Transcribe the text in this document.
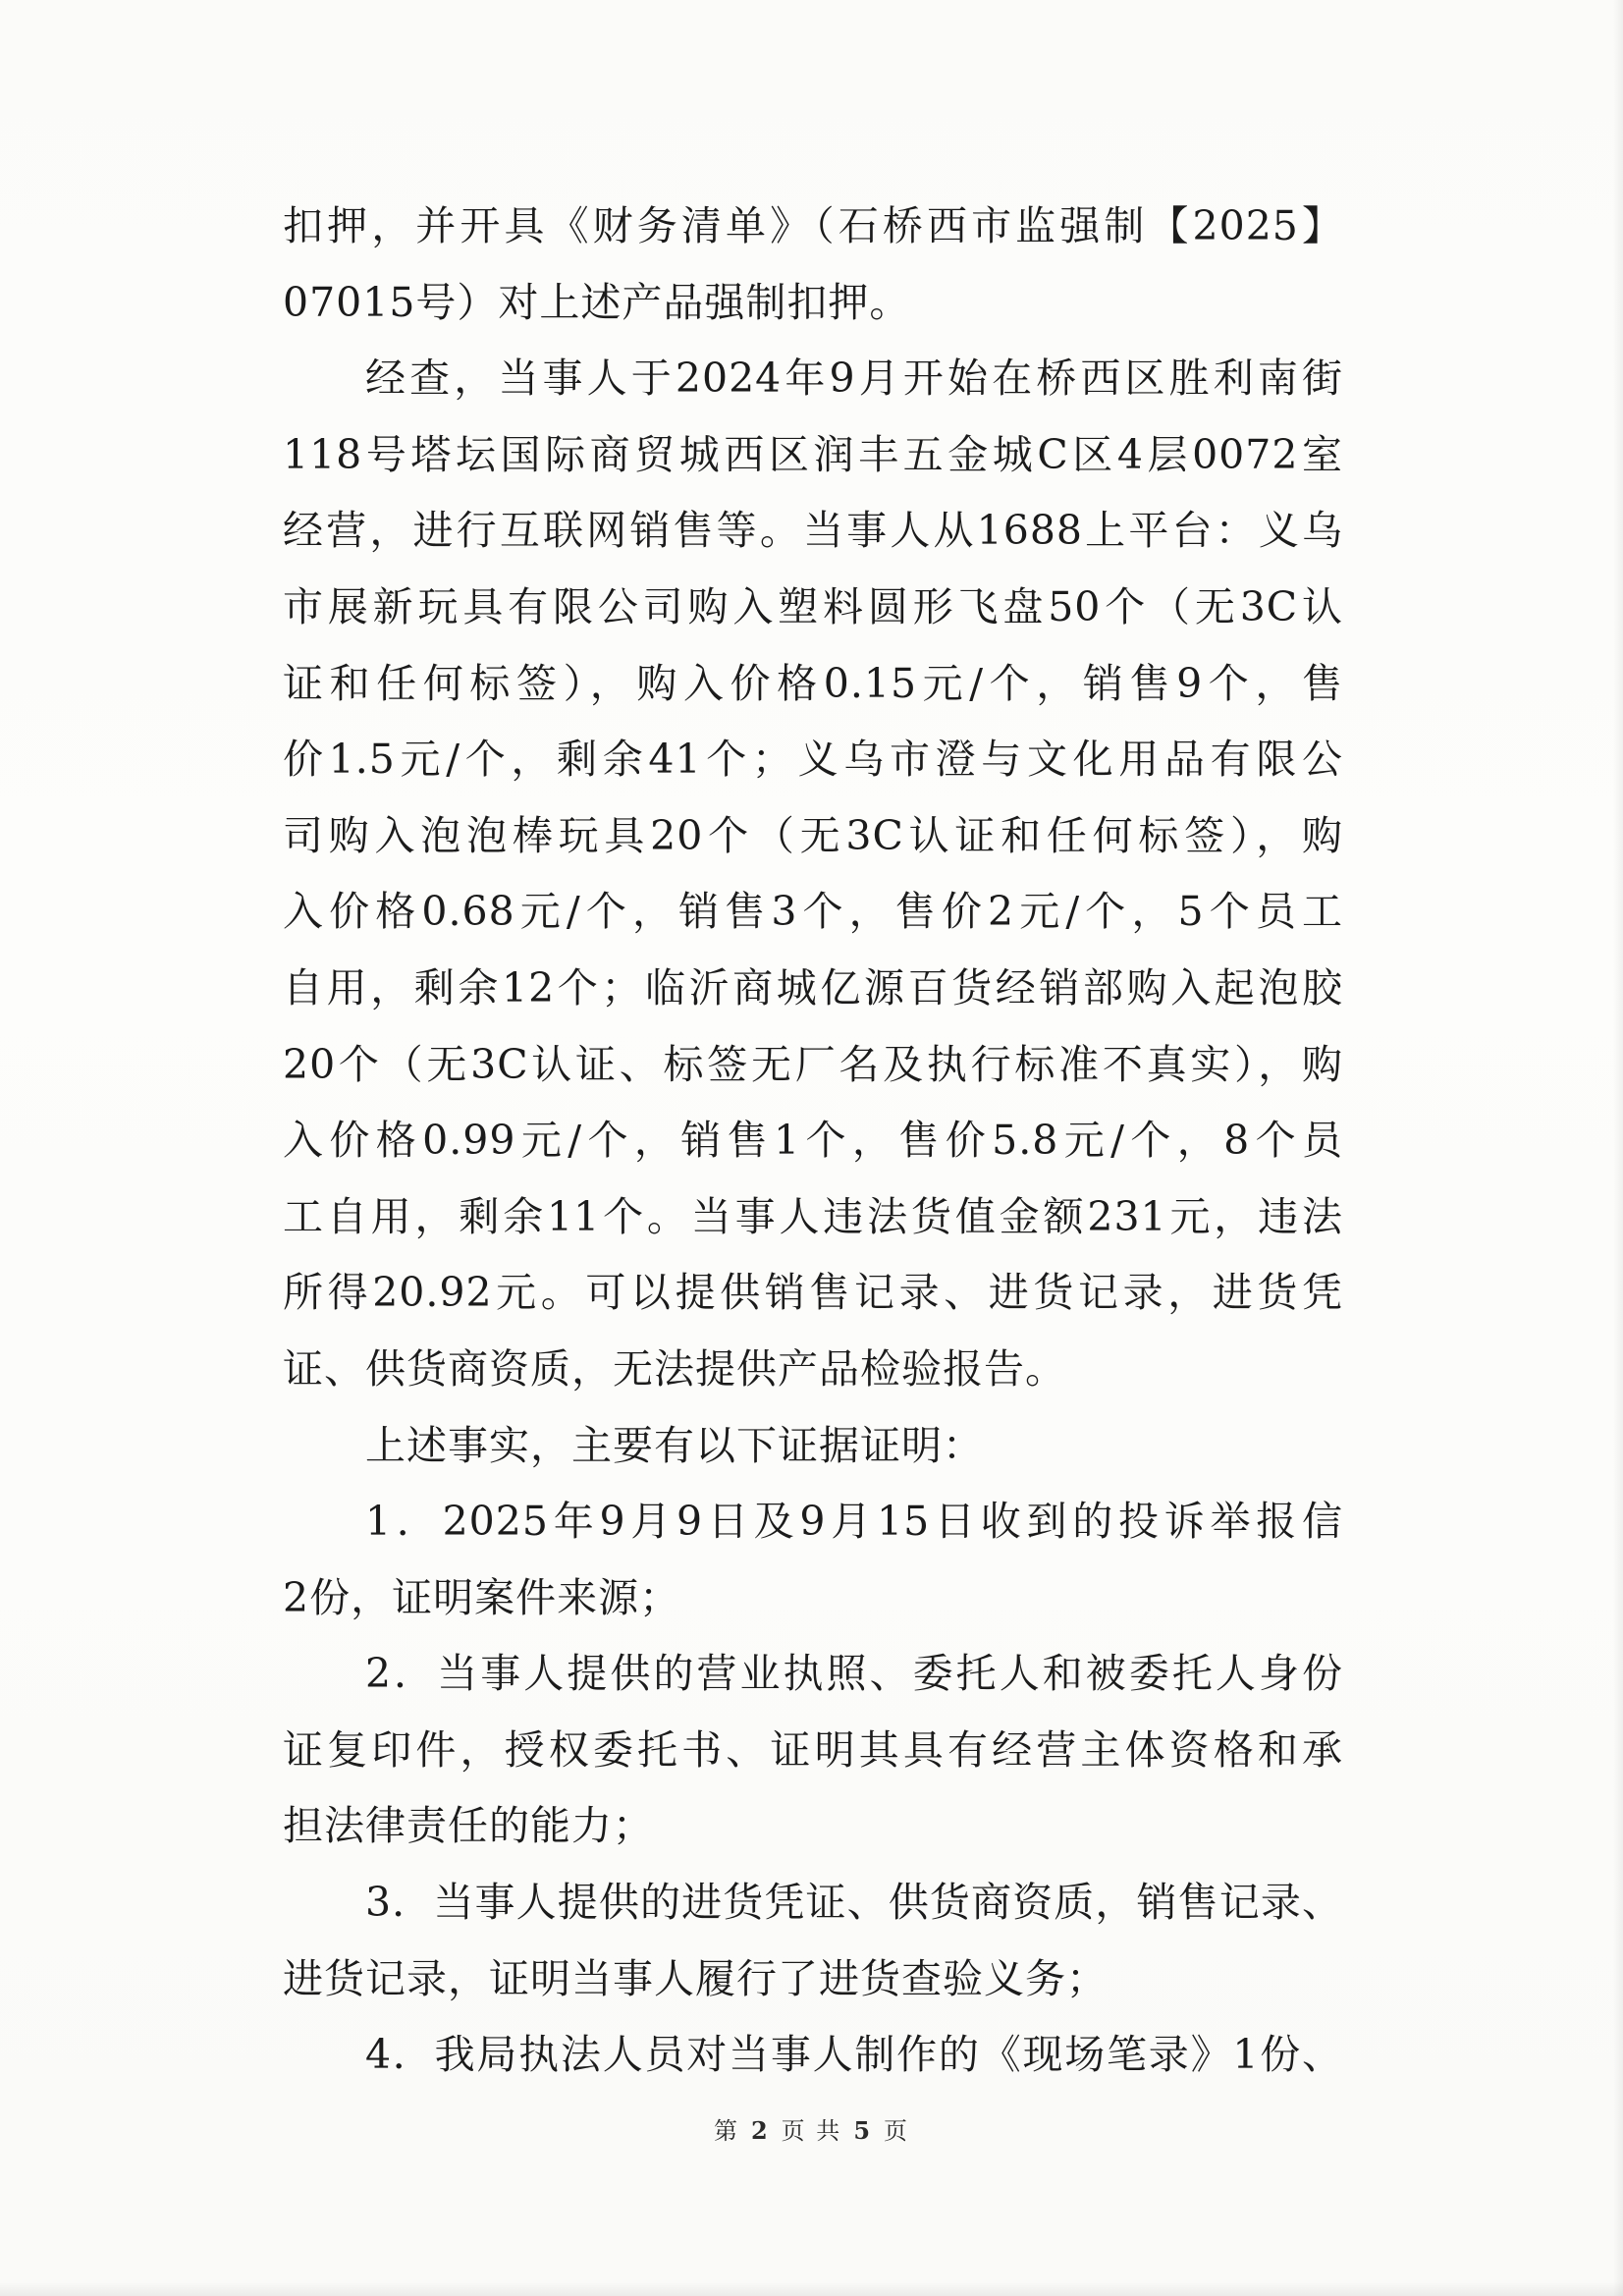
扣押，并开具《财务清单》（石桥西市监强制【2025】
07015号）对上述产品强制扣押。
经查，当事人于2024年9月开始在桥西区胜利南街
118号塔坛国际商贸城西区润丰五金城C区4层0072室
经营，进行互联网销售等。当事人从1688上平台：义乌
市展新玩具有限公司购入塑料圆形飞盘50个（无3C认
证和任何标签），购入价格0.15元/个，销售9个，售
价1.5元/个，剩余41个；义乌市澄与文化用品有限公
司购入泡泡棒玩具20个（无3C认证和任何标签），购
入价格0.68元/个，销售3个，售价2元/个，5个员工
自用，剩余12个；临沂商城亿源百货经销部购入起泡胶
20个（无3C认证、标签无厂名及执行标准不真实），购
入价格0.99元/个，销售1个，售价5.8元/个，8个员
工自用，剩余11个。当事人违法货值金额231元，违法
所得20.92元。可以提供销售记录、进货记录，进货凭
证、供货商资质，无法提供产品检验报告。
上述事实，主要有以下证据证明：
1．2025年9月9日及9月15日收到的投诉举报信
2份，证明案件来源；
2．当事人提供的营业执照、委托人和被委托人身份
证复印件，授权委托书、证明其具有经营主体资格和承
担法律责任的能力；
3．当事人提供的进货凭证、供货商资质，销售记录、
进货记录，证明当事人履行了进货查验义务；
4．我局执法人员对当事人制作的《现场笔录》1份、
第 2 页 共 5 页
